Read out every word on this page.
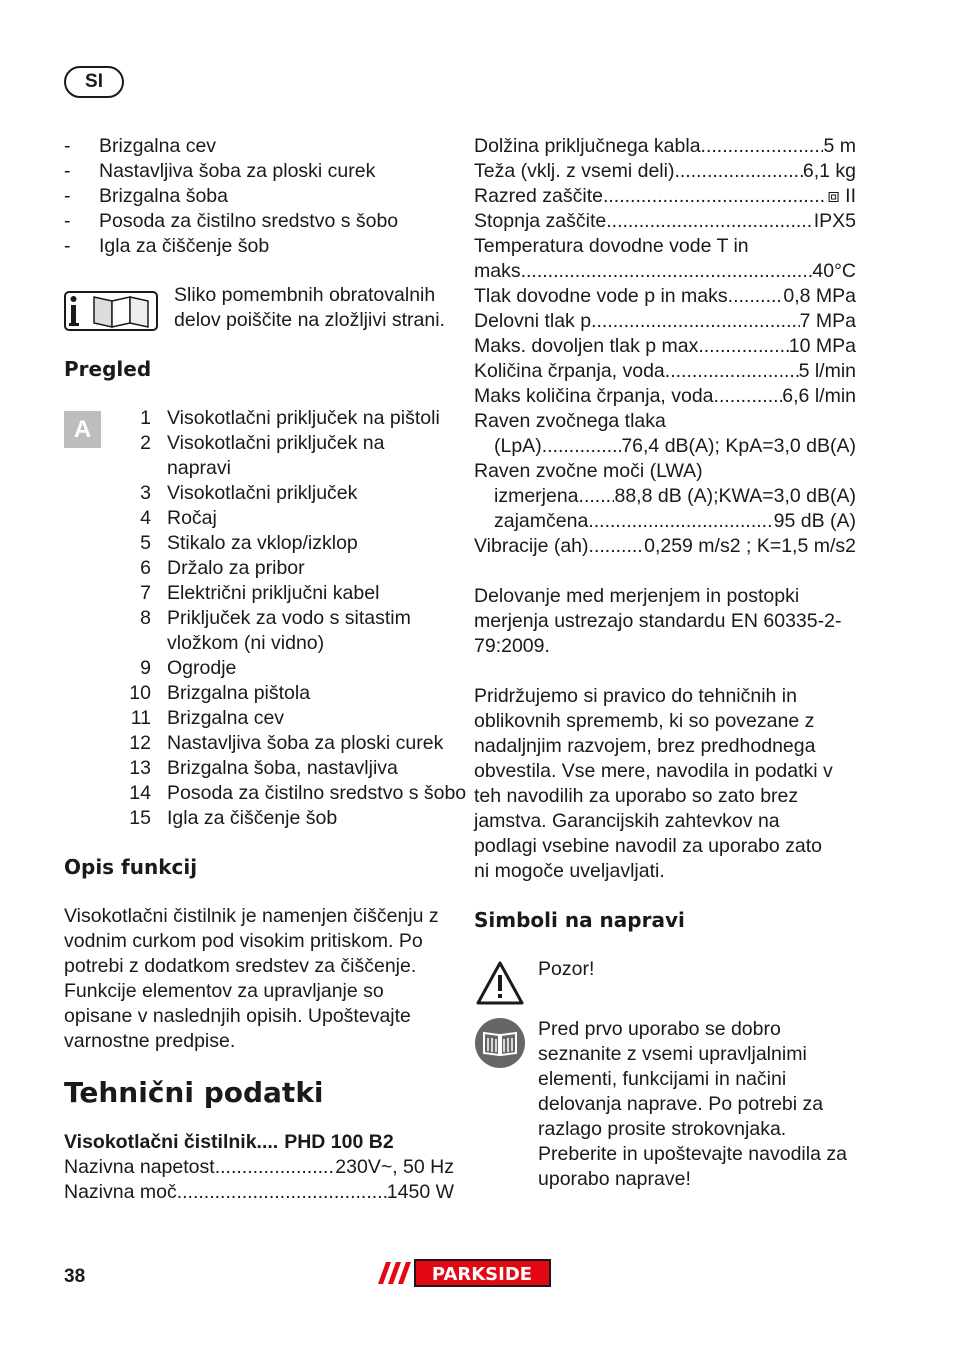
SI
-	Brizgalna cev
-	Nastavljiva šoba za ploski curek
-	Brizgalna šoba
-	Posoda za čistilno sredstvo s šobo
-	Igla za čiščenje šob
Sliko pomembnih obratovalnih delov poiščite na zložljivi strani.
Pregled
A	1 Visokotlačni priključek na pištoli
2 Visokotlačni priključek na napravi
3 Visokotlačni priključek
4 Ročaj
5 Stikalo za vklop/izklop
6 Držalo za pribor
7 Električni priključni kabel
8 Priključek za vodo s sitastim vložkom (ni vidno)
9 Ogrodje
10 Brizgalna pištola
11 Brizgalna cev
12 Nastavljiva šoba za ploski curek
13 Brizgalna šoba, nastavljiva
14 Posoda za čistilno sredstvo s šobo
15 Igla za čiščenje šob
Opis funkcij
Visokotlačni čistilnik je namenjen čiščenju z vodnim curkom pod visokim pritiskom. Po potrebi z dodatkom sredstev za čiščenje. Funkcije elementov za upravljanje so opisane v naslednjih opisih. Upoštevajte varnostne predpise.
Tehnični podatki
Visokotlačni čistilnik.... PHD 100 B2
Nazivna napetost .....	230V~, 50 Hz
Nazivna moč .....	1450 W
Dolžina priključnega kabla .....	5 m
Teža (vklj. z vsemi deli) .....	6,1 kg
Razred zaščite .....	⧈ II
Stopnja zaščite .....	IPX5
Temperatura dovodne vode T in
maks. .....	40°C
Tlak dovodne vode p in maks. .....	0,8 MPa
Delovni tlak p .....	7 MPa
Maks. dovoljen tlak p max. .....	10 MPa
Količina črpanja, voda .....	5 l/min
Maks količina črpanja, voda .....	6,6 l/min
Raven zvočnega tlaka
(LpA) .....	76,4 dB(A); KpA=3,0 dB(A)
Raven zvočne moči (LWA)
izmerjena ..... 88,8 dB (A);KWA=3,0 dB(A)
zajamčena .....	95 dB (A)
Vibracije (ah) .....	0,259 m/s2 ; K=1,5 m/s2
Delovanje med merjenjem in postopki merjenja ustrezajo standardu EN 60335-2-79:2009.
Pridržujemo si pravico do tehničnih in oblikovnih sprememb, ki so povezane z nadaljnjim razvojem, brez predhodnega obvestila. Vse mere, navodila in podatki v teh navodilih za uporabo so zato brez jamstva. Garancijskih zahtevkov na podlagi vsebine navodil za uporabo zato ni mogoče uveljavljati.
Simboli na napravi
Pozor!
Pred prvo uporabo se dobro seznanite z vsemi upravljalnimi elementi, funkcijami in načini delovanja naprave. Po potrebi za razlago prosite strokovnjaka.
Preberite in upoštevajte navodila za uporabo naprave!
38	PARKSIDE
